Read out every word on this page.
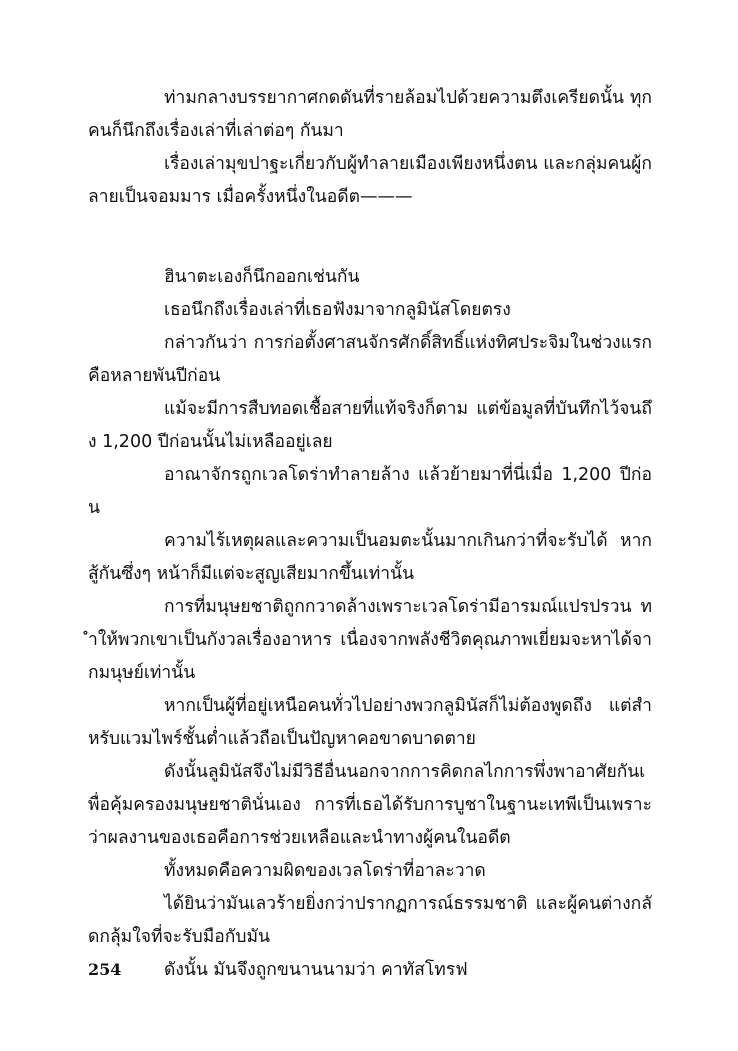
ท่ามกลางบรรยากาศกดดันที่รายล้อมไปด้วยความตึงเครียดนั้น ทุกคนก็นึกถึงเรื่องเล่าที่เล่าต่อๆ กันมา

เรื่องเล่ามุขปาฐะเกี่ยวกับผู้ทำลายเมืองเพียงหนึ่งตน และกลุ่มคนผู้กลายเป็นจอมมาร เมื่อครั้งหนึ่งในอดีต———

ฮินาตะเองก็นึกออกเช่นกัน

เธอนึกถึงเรื่องเล่าที่เธอฟังมาจากลูมินัสโดยตรง

กล่าวกันว่า การก่อตั้งศาสนจักรศักดิ์สิทธิ์แห่งทิศประจิมในช่วงแรกคือหลายพันปีก่อน

แม้จะมีการสืบทอดเชื้อสายที่แท้จริงก็ตาม แต่ข้อมูลที่บันทึกไว้จนถึง 1,200 ปีก่อนนั้นไม่เหลืออยู่เลย

อาณาจักรถูกเวลโดร่าทำลายล้าง แล้วย้ายมาที่นี่เมื่อ 1,200 ปีก่อน

ความไร้เหตุผลและความเป็นอมตะนั้นมากเกินกว่าที่จะรับได้ หากสู้กันซึ่งๆ หน้าก็มีแต่จะสูญเสียมากขึ้นเท่านั้น

การที่มนุษยชาติถูกกวาดล้างเพราะเวลโดร่ามีอารมณ์แปรปรวน ทำให้พวกเขาเป็นกังวลเรื่องอาหาร เนื่องจากพลังชีวิตคุณภาพเยี่ยมจะหาได้จากมนุษย์เท่านั้น

หากเป็นผู้ที่อยู่เหนือคนทั่วไปอย่างพวกลูมินัสก็ไม่ต้องพูดถึง แต่สำหรับแวมไพร์ชั้นต่ำแล้วถือเป็นปัญหาคอขาดบาดตาย

ดังนั้นลูมินัสจึงไม่มีวิธีอื่นนอกจากการคิดกลไกการพึ่งพาอาศัยกันเพื่อคุ้มครองมนุษยชาตินั่นเอง การที่เธอได้รับการบูชาในฐานะเทพีเป็นเพราะว่าผลงานของเธอคือการช่วยเหลือและนำทางผู้คนในอดีต

ทั้งหมดคือความผิดของเวลโดร่าที่อาละวาด

ได้ยินว่ามันเลวร้ายยิ่งกว่าปรากฏการณ์ธรรมชาติ และผู้คนต่างกลัดกลุ้มใจที่จะรับมือกับมัน

ดังนั้น มันจึงถูกขนานนามว่า คาทัสโทรฟ

254
